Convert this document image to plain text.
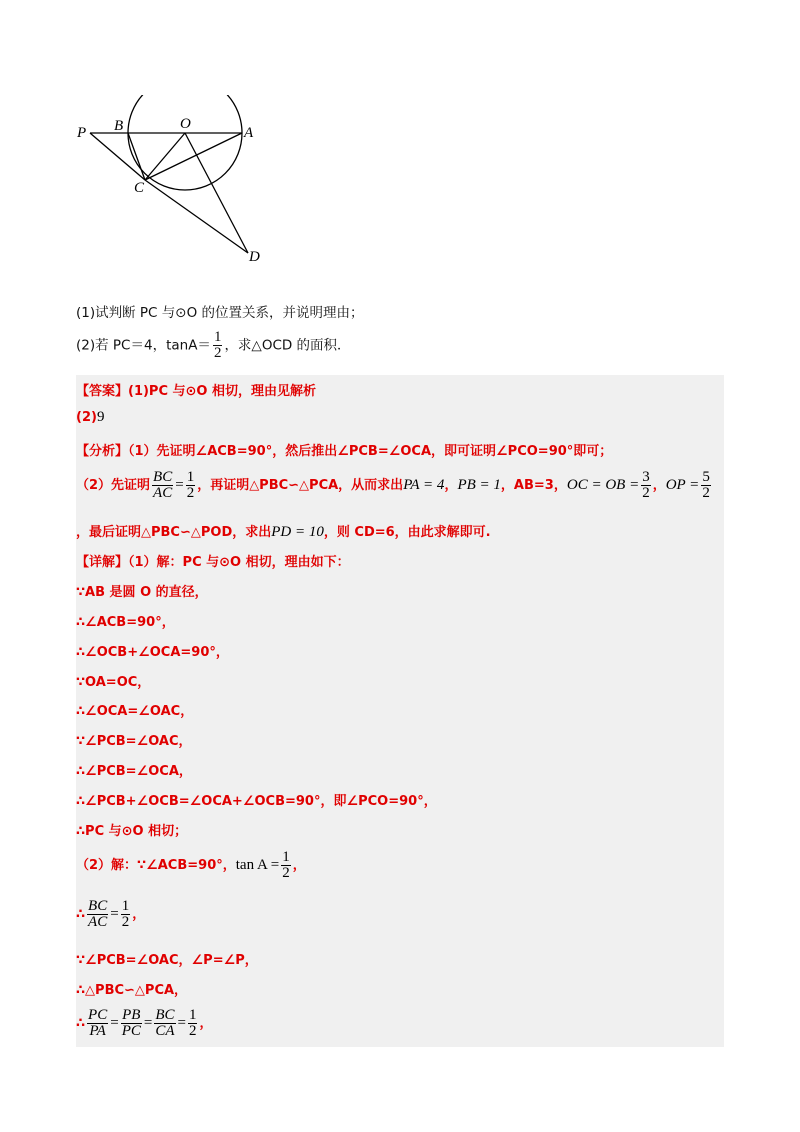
P B	O
A
C
D
(1)试判断 PC 与⊙O 的位置关系，并说明理由；
(2)若 PC＝4，$\tan A= \frac{1}{2}$ ，求△OCD 的面积．
【答案】(1)PC 与⊙O 相切，理由见解析
(2)9
【分析】（1）先证明∠ACB=90°，然后推出∠PCB=∠OCA，即可证明∠PCO=90°即可；
（2）先证明 $\frac{BC}{AC} = \frac{1}{2}$ ，再证明△PBC∽△PCA，从而求出PA = 4，PB = 1，AB=3，OC = OB = $\frac{3}{2}$ ，OP = $\frac{5}{2}$
，最后证明△PBC∽△POD，求出PD = 10，则 CD=6，由此求解即可.
【详解】（1）解：PC 与⊙O 相切，理由如下：
∵AB 是圆 O 的直径，
∴∠ACB=90°，
∴∠OCB+∠OCA=90°，
∵OA=OC，
∴∠OCA=∠OAC，
∵∠PCB=∠OAC，
∴∠PCB=∠OCA，
∴∠PCB+∠OCB=∠OCA+∠OCB=90°，即∠PCO=90°，
∴PC 与⊙O 相切；
（2）解：∵∠ACB=90°，$\tan A = \frac{1}{2}$ ，
∴ $\frac{BC}{AC} = \frac{1}{2}$ ，
∵∠PCB=∠OAC，∠P=∠P，
∴△PBC∽△PCA，
∴ $\frac{PC}{PA} = \frac{PB}{PC} = \frac{BC}{CA} = \frac{1}{2}$ ，
